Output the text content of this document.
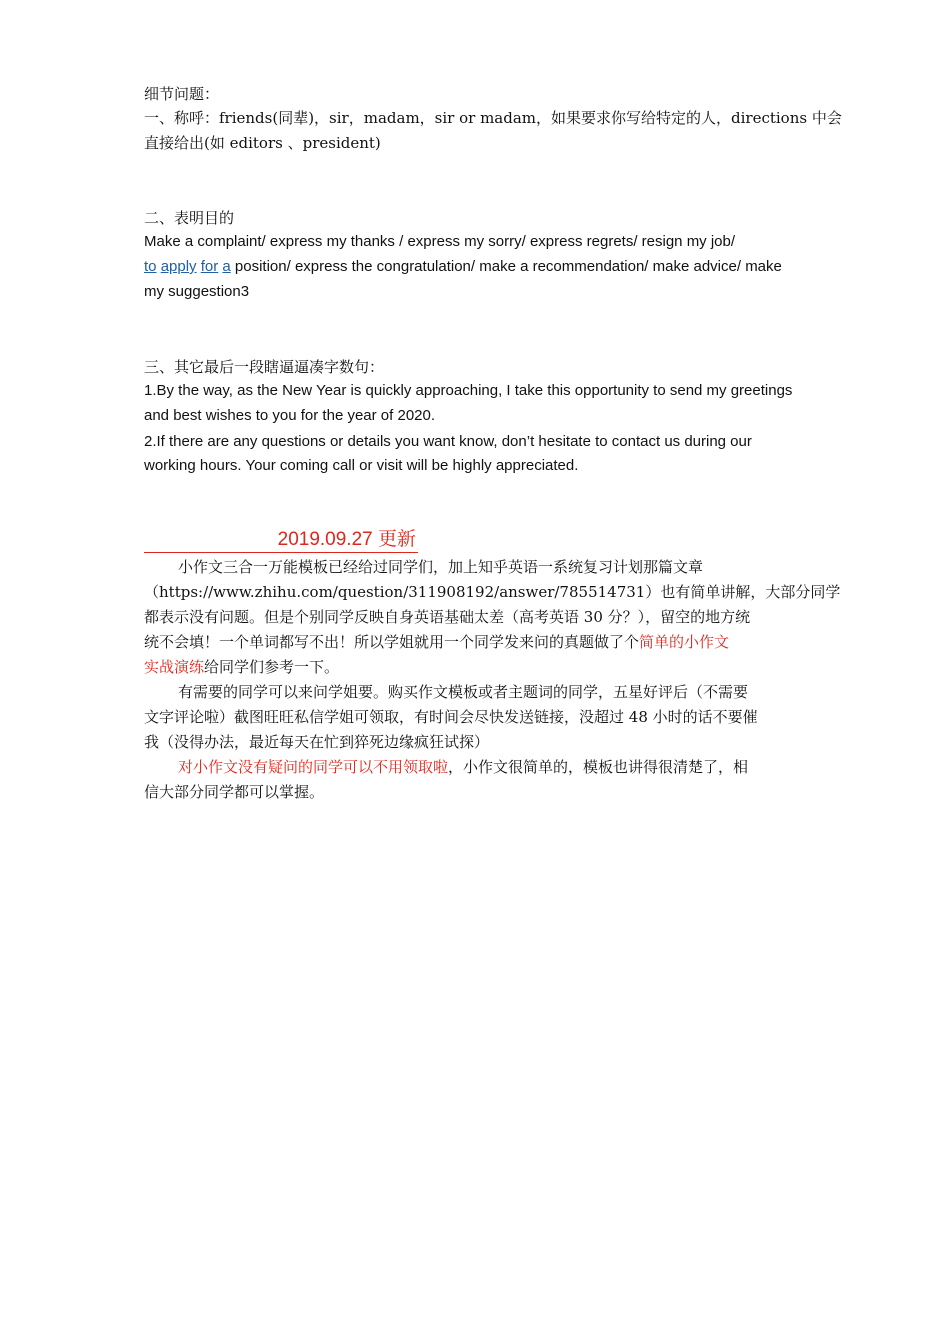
细节问题：
一、称呼：friends(同辈)，sir，madam，sir or madam，如果要求你写给特定的人，directions 中会
直接给出(如 editors 、president)
二、表明目的
Make a complaint/ express my thanks / express my sorry/ express regrets/ resign my job/
to apply for a position/ express the congratulation/ make a recommendation/ make advice/ make
my suggestion3
三、其它最后一段瞎逼逼凑字数句：
1.By the way, as the New Year is quickly approaching, I take this opportunity to send my greetings
and best wishes to you for the year of 2020.
2.If there are any questions or details you want know, don’t hesitate to contact us during our
working hours. Your coming call or visit will be highly appreciated.
2019.09.27 更新
小作文三合一万能模板已经给过同学们，加上知乎英语一系统复习计划那篇文章
（https://www.zhihu.com/question/311908192/answer/785514731）也有简单讲解，大部分同学
都表示没有问题。但是个别同学反映自身英语基础太差（高考英语 30 分？），留空的地方统
统不会填！一个单词都写不出！所以学姐就用一个同学发来问的真题做了个简单的小作文
实战演练给同学们参考一下。
有需要的同学可以来问学姐要。购买作文模板或者主题词的同学，五星好评后（不需要
文字评论啦）截图旺旺私信学姐可领取，有时间会尽快发送链接，没超过 48 小时的话不要催
我（没得办法，最近每天在忙到猝死边缘疯狂试探）
对小作文没有疑问的同学可以不用领取啦，小作文很简单的，模板也讲得很清楚了，相
信大部分同学都可以掌握。
